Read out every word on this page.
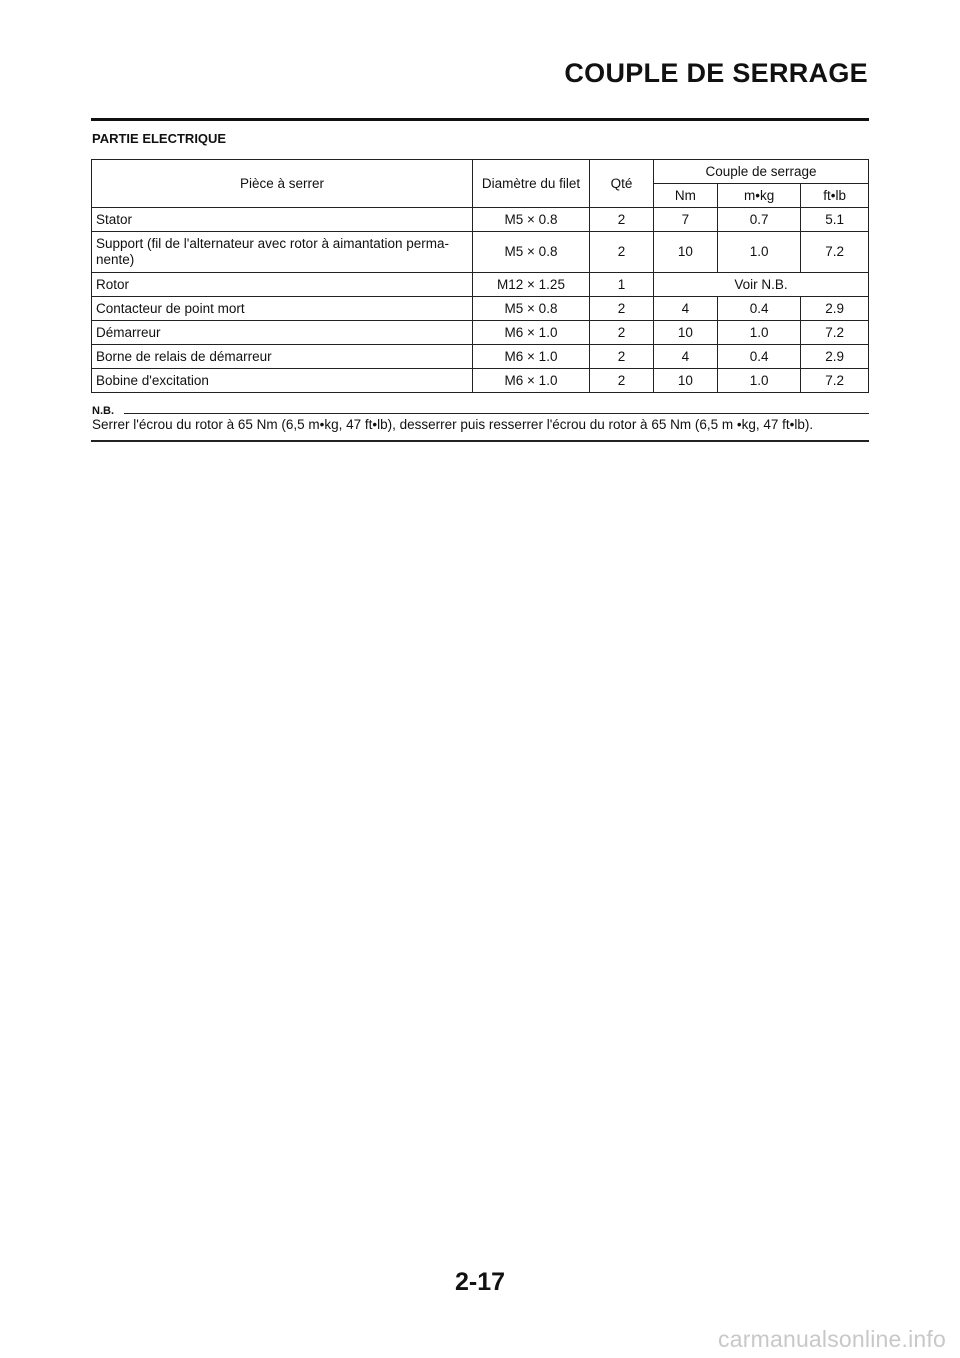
COUPLE DE SERRAGE
PARTIE ELECTRIQUE
Pièce à serrer	Diamètre du filet	Qté	Couple de serrage		
			Nm	m•kg	ft•lb
Stator	M5 × 0.8	2	7	0.7	5.1

Support (fil de l'alternateur avec rotor à aimantation perma-
nente)	M5 × 0.8	2	10	1.0	7.2
Rotor	M12 × 1.25	1	Voir N.B.		
Contacteur de point mort	M5 × 0.8	2	4	0.4	2.9
Démarreur	M6 × 1.0	2	10	1.0	7.2
Borne de relais de démarreur	M6 × 1.0	2	4	0.4	2.9
Bobine d'excitation	M6 × 1.0	2	10	1.0	7.2
N.B.
Serrer l'écrou du rotor à 65 Nm (6,5 m•kg, 47 ft•lb), desserrer puis resserrer l'écrou du rotor à 65 Nm (6,5 m •kg, 47 ft•lb).
2-17
carmanualsonline.info
